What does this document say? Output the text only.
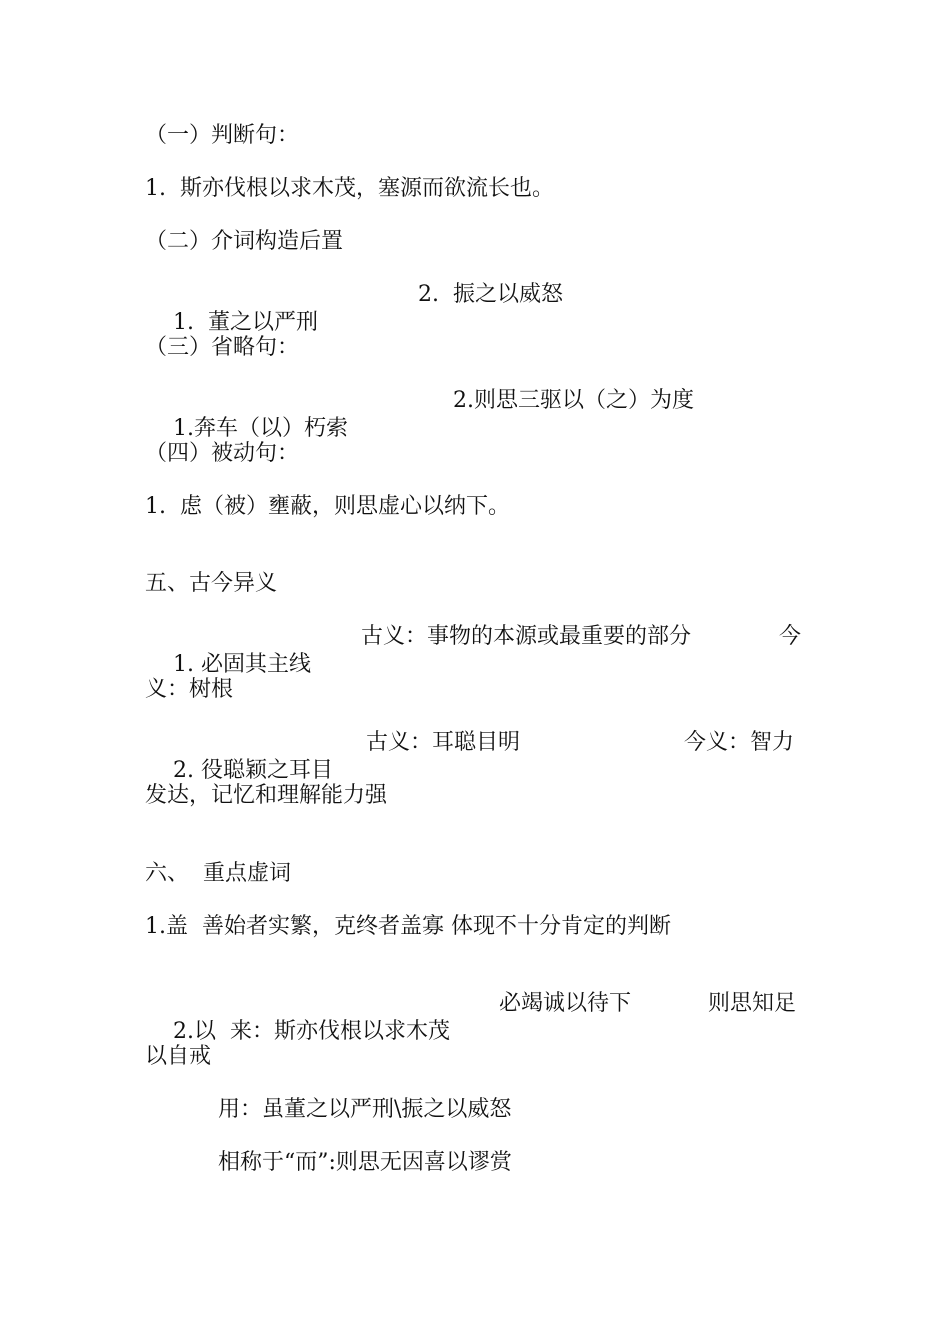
（一）判断句：
1.  斯亦伐根以求木茂，塞源而欲流长也。
（二）介词构造后置

1.  董之以严刑

2.  振之以威怒

（三）省略句：

1.奔车（以）朽索

2.则思三驱以（之）为度

（四）被动句：
1.  虑（被）壅蔽，则思虚心以纳下。
五、古今异义

1. 必固其主线

古义：事物的本源或最重要的部分

	今

义：树根

2. 役聪颖之耳目

古义：耳聪目明

	今义：智力

发达，记忆和理解能力强
六、  重点虚词
1.盖  善始者实繁，克终者盖寡 体现不十分肯定的判断

2.以  来：斯亦伐根以求木茂

必竭诚以待下

	则思知足

以自戒
用：虽董之以严刑\振之以威怒
相称于“而”:则思无因喜以谬赏
